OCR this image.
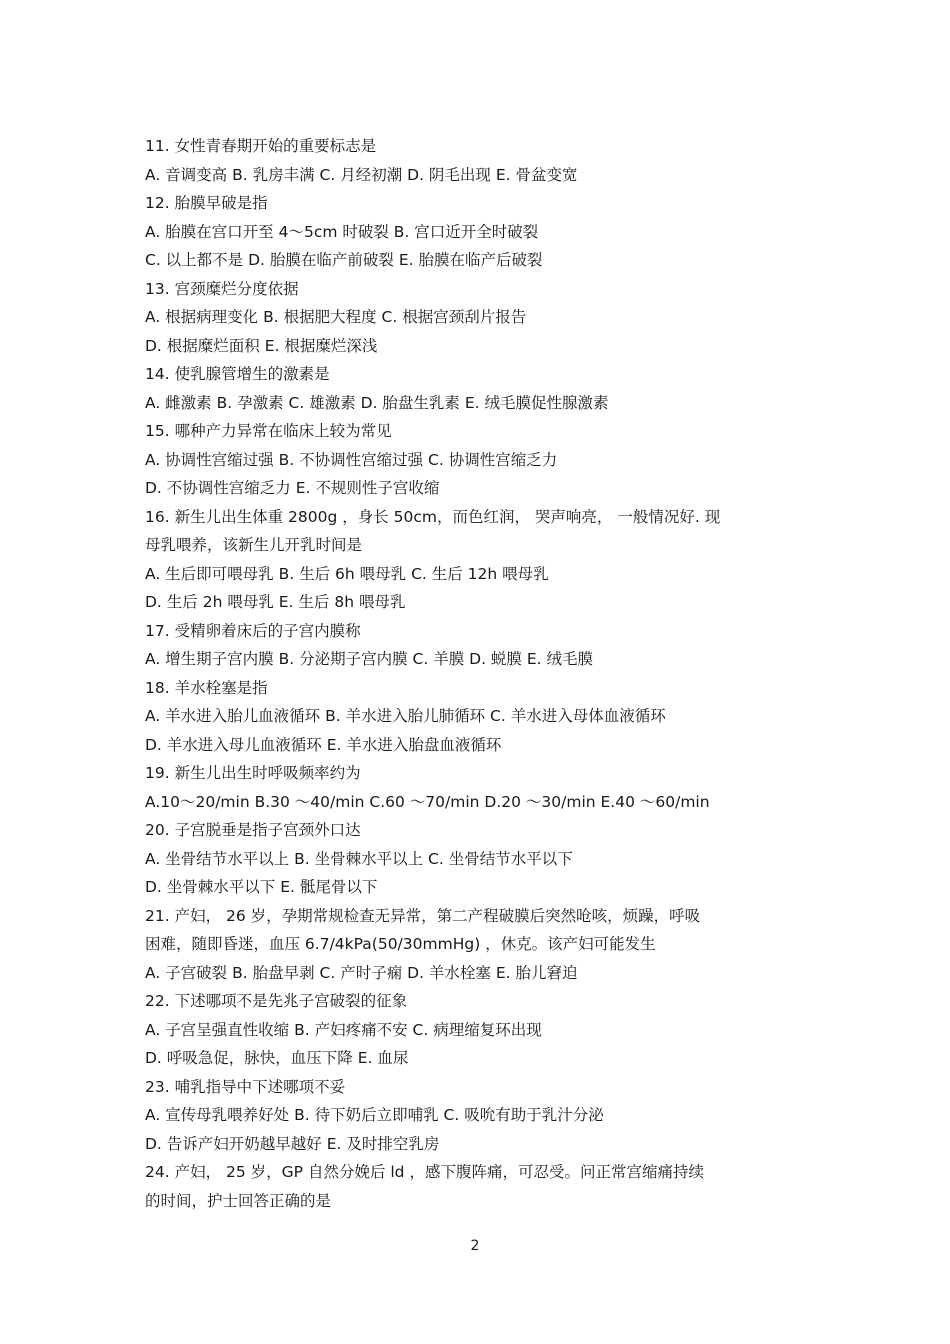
11. 女性青春期开始的重要标志是
A. 音调变高 B. 乳房丰满 C. 月经初潮 D. 阴毛出现 E. 骨盆变宽
12. 胎膜早破是指
A. 胎膜在宫口开至 4～5cm 时破裂 B. 宫口近开全时破裂
C. 以上都不是 D. 胎膜在临产前破裂 E. 胎膜在临产后破裂
13. 宫颈糜烂分度依据
A. 根据病理变化 B. 根据肥大程度 C. 根据宫颈刮片报告
D. 根据糜烂面积 E. 根据糜烂深浅
14. 使乳腺管增生的激素是
A. 雌激素 B. 孕激素 C. 雄激素 D. 胎盘生乳素 E. 绒毛膜促性腺激素
15. 哪种产力异常在临床上较为常见
A. 协调性宫缩过强 B. 不协调性宫缩过强 C. 协调性宫缩乏力
D. 不协调性宫缩乏力 E. 不规则性子宫收缩
16. 新生儿出生体重 2800g ，身长 50cm，而色红润， 哭声响亮， 一般情况好. 现
母乳喂养，该新生儿开乳时间是
A. 生后即可喂母乳 B. 生后 6h 喂母乳 C. 生后 12h 喂母乳
D. 生后 2h 喂母乳 E. 生后 8h 喂母乳
17. 受精卵着床后的子宫内膜称
A. 增生期子宫内膜 B. 分泌期子宫内膜 C. 羊膜 D. 蜕膜 E. 绒毛膜
18. 羊水栓塞是指
A. 羊水进入胎儿血液循环 B. 羊水进入胎儿肺循环 C. 羊水进入母体血液循环
D. 羊水进入母儿血液循环 E. 羊水进入胎盘血液循环
19. 新生儿出生时呼吸频率约为
A.10～20/min B.30 ～40/min C.60 ～70/min D.20 ～30/min E.40 ～60/min
20. 子宫脱垂是指子宫颈外口达
A. 坐骨结节水平以上 B. 坐骨棘水平以上 C. 坐骨结节水平以下
D. 坐骨棘水平以下 E. 骶尾骨以下
21. 产妇， 26 岁，孕期常规检查无异常，第二产程破膜后突然呛咳，烦躁，呼吸
困难，随即昏迷，血压 6.7/4kPa(50/30mmHg) ，休克。该产妇可能发生
A. 子宫破裂 B. 胎盘早剥 C. 产时子痫 D. 羊水栓塞 E. 胎儿窘迫
22. 下述哪项不是先兆子宫破裂的征象
A. 子宫呈强直性收缩 B. 产妇疼痛不安 C. 病理缩复环出现
D. 呼吸急促，脉快，血压下降 E. 血尿
23. 哺乳指导中下述哪项不妥
A. 宣传母乳喂养好处 B. 待下奶后立即哺乳 C. 吸吮有助于乳汁分泌
D. 告诉产妇开奶越早越好 E. 及时排空乳房
24. 产妇， 25 岁，GP 自然分娩后 ld ，感下腹阵痛，可忍受。问正常宫缩痛持续
的时间，护士回答正确的是
2
